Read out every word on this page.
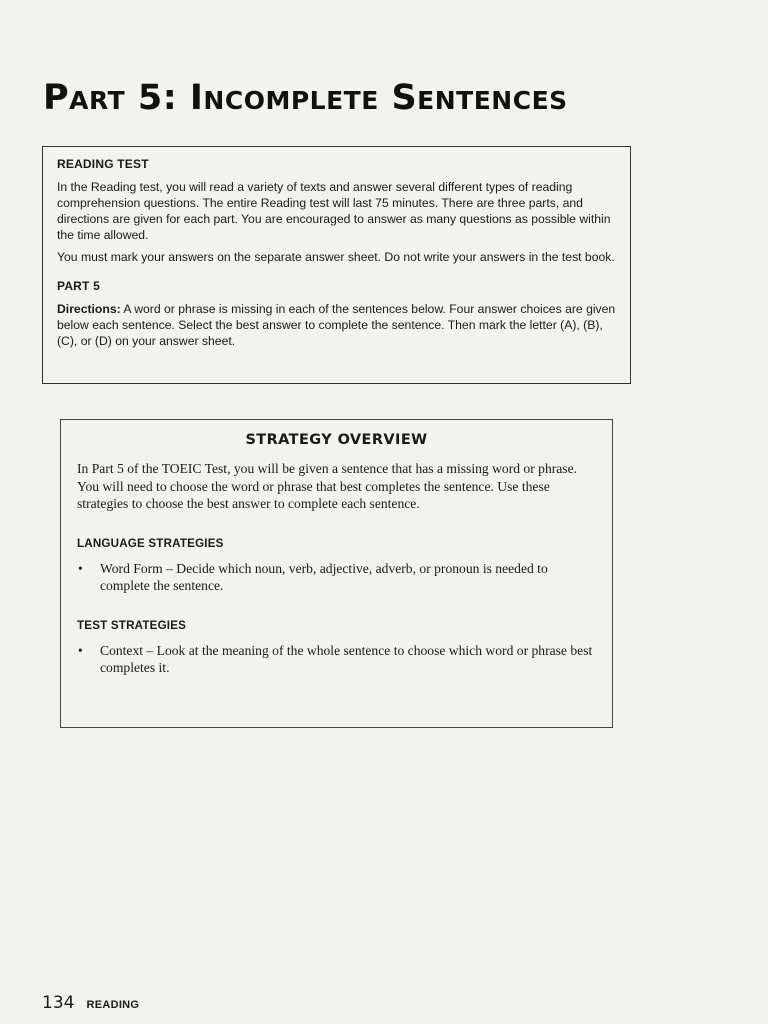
Part 5: Incomplete Sentences
READING TEST

In the Reading test, you will read a variety of texts and answer several different types of reading comprehension questions. The entire Reading test will last 75 minutes. There are three parts, and directions are given for each part. You are encouraged to answer as many questions as possible within the time allowed.

You must mark your answers on the separate answer sheet. Do not write your answers in the test book.

PART 5

Directions: A word or phrase is missing in each of the sentences below. Four answer choices are given below each sentence. Select the best answer to complete the sentence. Then mark the letter (A), (B), (C), or (D) on your answer sheet.

STRATEGY OVERVIEW

In Part 5 of the TOEIC Test, you will be given a sentence that has a missing word or phrase. You will need to choose the word or phrase that best completes the sentence. Use these strategies to choose the best answer to complete each sentence.

LANGUAGE STRATEGIES
•	Word Form – Decide which noun, verb, adjective, adverb, or pronoun is needed to complete the sentence.
TEST STRATEGIES
•	Context – Look at the meaning of the whole sentence to choose which word or phrase best completes it.
134 READING
